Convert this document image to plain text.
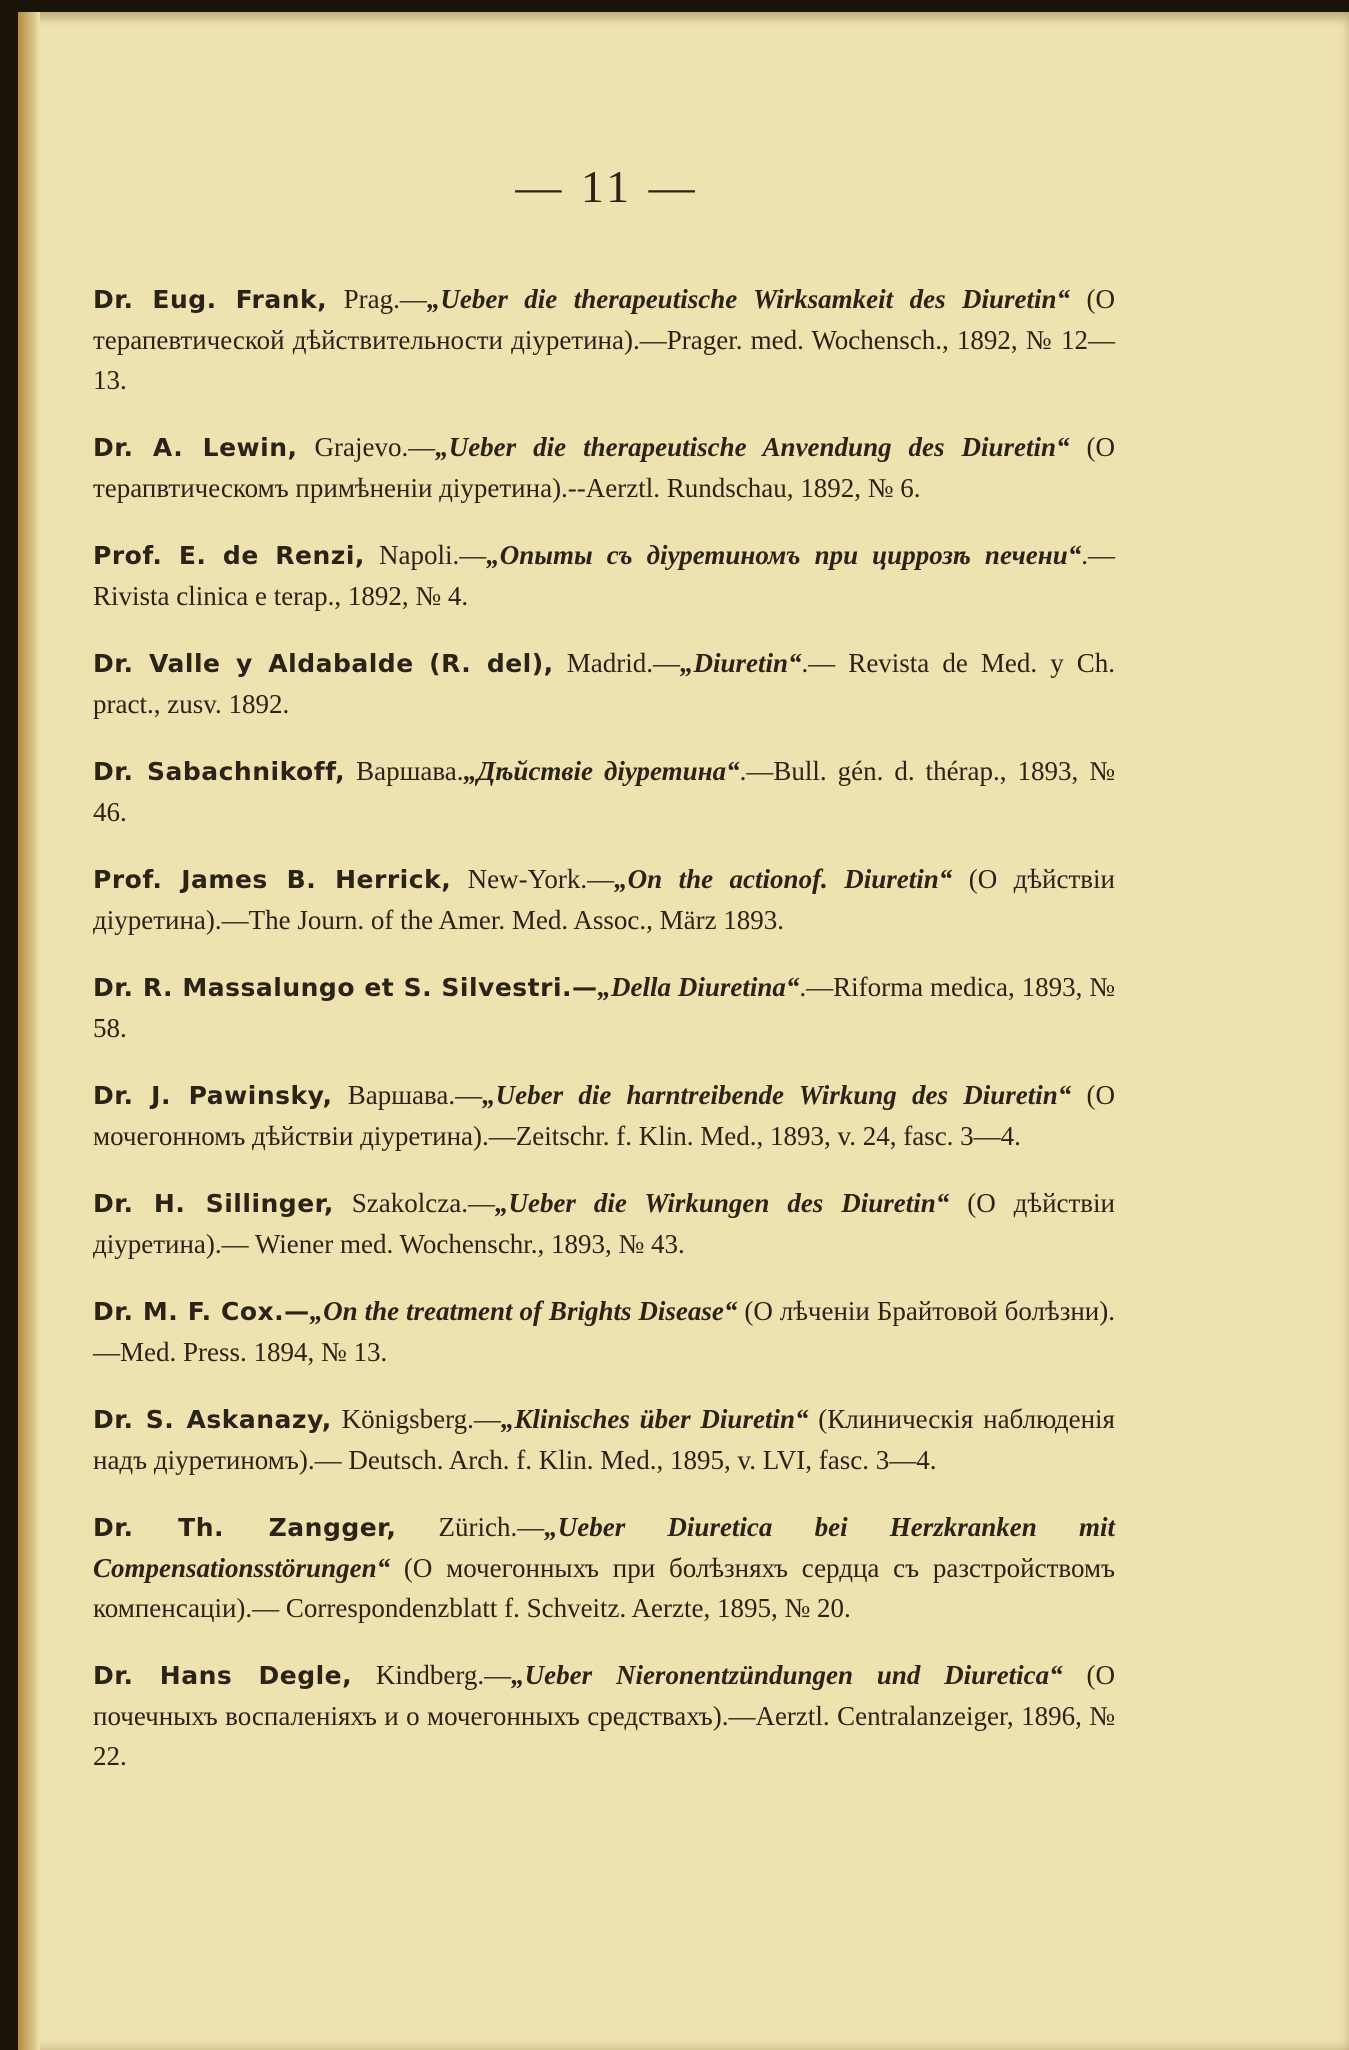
— 11 —

Dr. Eug. Frank, Prag.—„Ueber die therapeutische Wirksamkeit des Diuretin“ (О терапевтической дѣйствительности діуретина).—Prager. med. Wochensch., 1892, № 12—13.

Dr. A. Lewin, Grajevo.—„Ueber die therapeutische Anvendung des Diuretin“ (О терапвтическомъ примѣненіи діуретина).--Aerztl. Rundschau, 1892, № 6.

Prof. E. de Renzi, Napoli.—„Опыты съ діуретиномъ при циррозѣ печени“.—Rivista clinica e terap., 1892, № 4.

Dr. Valle y Aldabalde (R. del), Madrid.—„Diuretin“.— Revista de Med. y Ch. pract., zusv. 1892.

Dr. Sabachnikoff, Варшава.„Дѣйствіе діуретина“.—Bull. gén. d. thérap., 1893, № 46.

Prof. James B. Herrick, New-York.—„On the actionof. Diuretin“ (О дѣйствіи діуретина).—The Journ. of the Amer. Med. Assoc., März 1893.

Dr. R. Massalungo et S. Silvestri.—„Della Diuretina“.—Riforma medica, 1893, № 58.

Dr. J. Pawinsky, Варшава.—„Ueber die harntreibende Wirkung des Diuretin“ (О мочегонномъ дѣйствіи діуретина).—Zeitschr. f. Klin. Med., 1893, v. 24, fasc. 3—4.

Dr. H. Sillinger, Szakolcza.—„Ueber die Wirkungen des Diuretin“ (О дѣйствіи діуретина).— Wiener med. Wochenschr., 1893, № 43.

Dr. M. F. Cox.—„On the treatment of Brights Disease“ (О лѣченіи Брайтовой болѣзни).—Med. Press. 1894, № 13.

Dr. S. Askanazy, Königsberg.—„Klinisches über Diuretin“ (Клиническія наблюденія надъ діуретиномъ).— Deutsch. Arch. f. Klin. Med., 1895, v. LVI, fasc. 3—4.

Dr. Th. Zangger, Zürich.—„Ueber Diuretica bei Herzkranken mit Compensationsstörungen“ (О мочегонныхъ при болѣзняхъ сердца съ разстройствомъ компенсаціи).— Correspondenzblatt f. Schveitz. Aerzte, 1895, № 20.

Dr. Hans Degle, Kindberg.—„Ueber Nieronentzündungen und Diuretica“ (О почечныхъ воспаленіяхъ и о мочегонныхъ средствахъ).—Aerztl. Centralanzeiger, 1896, № 22.
